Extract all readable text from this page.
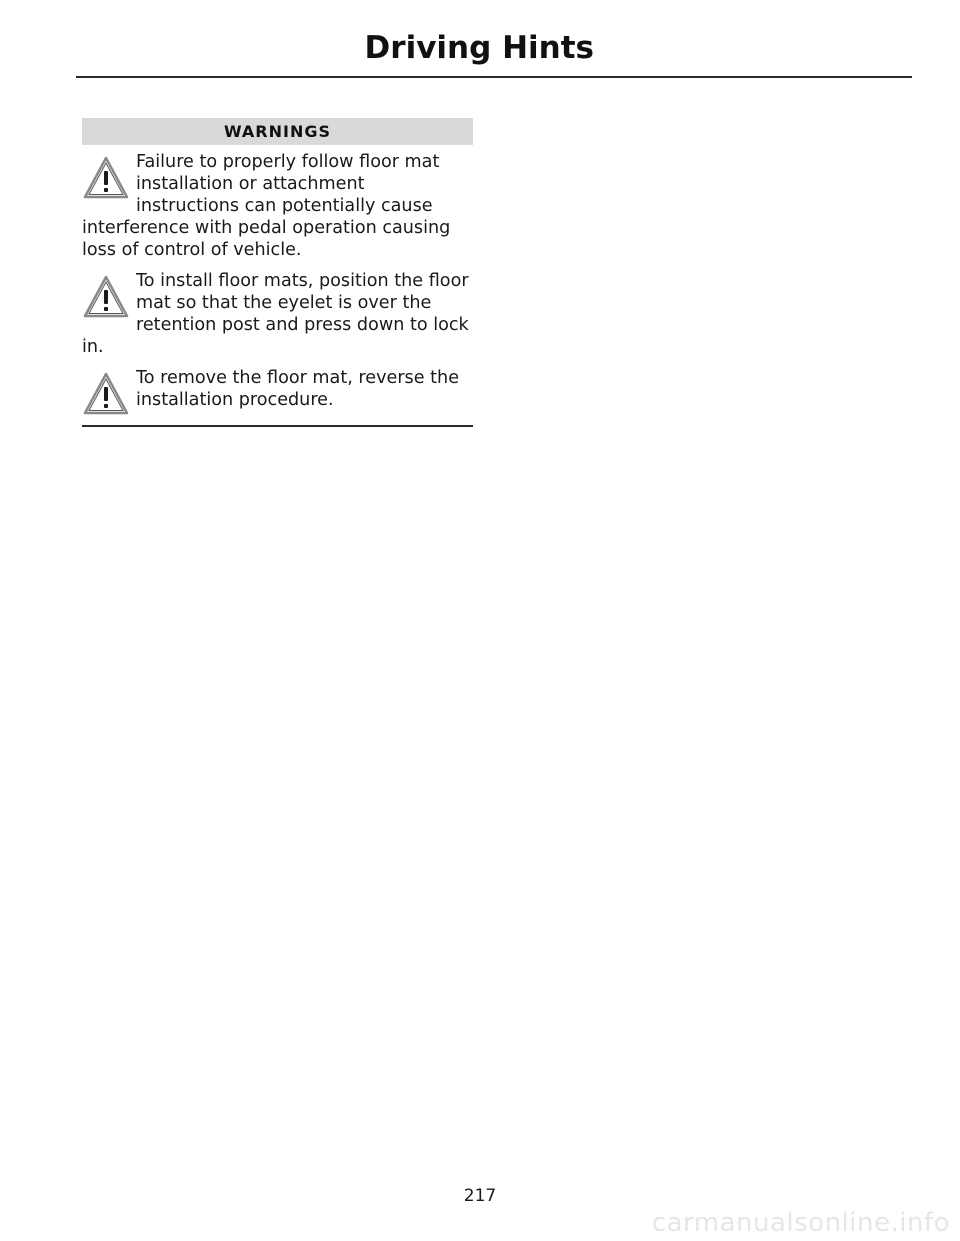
Driving Hints
WARNINGS
Failure to properly follow floor mat installation or attachment instructions can potentially cause interference with pedal operation causing loss of control of vehicle.
To install floor mats, position the floor mat so that the eyelet is over the retention post and press down to lock in.
To remove the floor mat, reverse the installation procedure.
217
carmanualsonline.info
